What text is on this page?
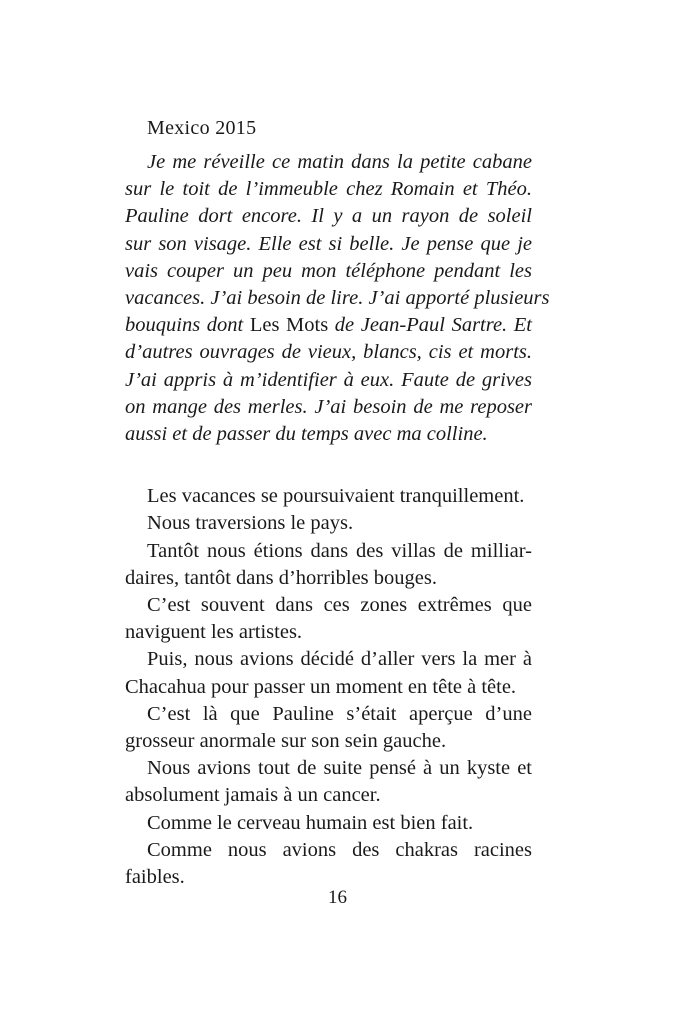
Mexico 2015
Je me réveille ce matin dans la petite cabane
sur le toit de l’immeuble chez Romain et Théo.
Pauline dort encore. Il y a un rayon de soleil
sur son visage. Elle est si belle. Je pense que je
vais couper un peu mon téléphone pendant les
vacances. J’ai besoin de lire. J’ai apporté plusieurs
bouquins dont Les Mots de Jean-Paul Sartre. Et
d’autres ouvrages de vieux, blancs, cis et morts.
J’ai appris à m’identifier à eux. Faute de grives
on mange des merles. J’ai besoin de me reposer
aussi et de passer du temps avec ma colline.

Les vacances se poursuivaient tranquillement.

Nous traversions le pays.

Tantôt nous étions dans des villas de milliar-
daires, tantôt dans d’horribles bouges.

C’est souvent dans ces zones extrêmes que
naviguent les artistes.

Puis, nous avions décidé d’aller vers la mer à
Chacahua pour passer un moment en tête à tête.

C’est là que Pauline s’était aperçue d’une
grosseur anormale sur son sein gauche.

Nous avions tout de suite pensé à un kyste et
absolument jamais à un cancer.

Comme le cerveau humain est bien fait.

Comme nous avions des chakras racines
faibles.

16
